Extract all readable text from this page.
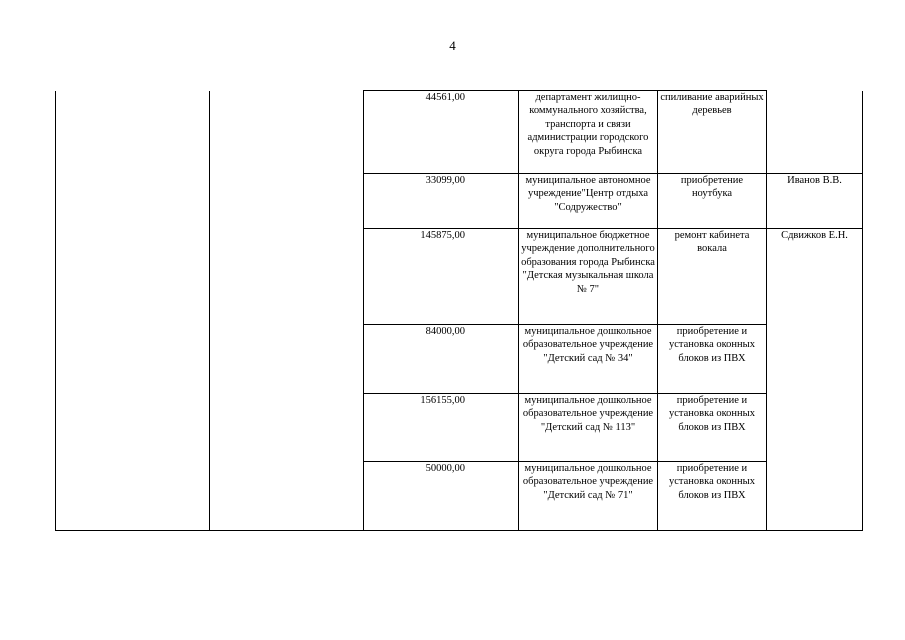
4
		44561,00	департамент жилищно-коммунального хозяйства, транспорта и связи администрации городского округа города Рыбинска	спиливание аварийных деревьев	
		33099,00	муниципальное автономное учреждение"Центр отдыха "Содружество"	приобретение ноутбука	Иванов В.В.
		145875,00	муниципальное бюджетное учреждение дополнительного образования города Рыбинска "Детская музыкальная школа № 7"	ремонт кабинета вокала	Сдвижков Е.Н.
		84000,00	муниципальное дошкольное образовательное учреждение "Детский сад № 34"	приобретение и установка оконных блоков из ПВХ	
		156155,00	муниципальное дошкольное образовательное учреждение "Детский сад № 113"	приобретение и установка оконных блоков из ПВХ	
		50000,00	муниципальное дошкольное образовательное учреждение "Детский сад № 71"	приобретение и установка оконных блоков из ПВХ	
